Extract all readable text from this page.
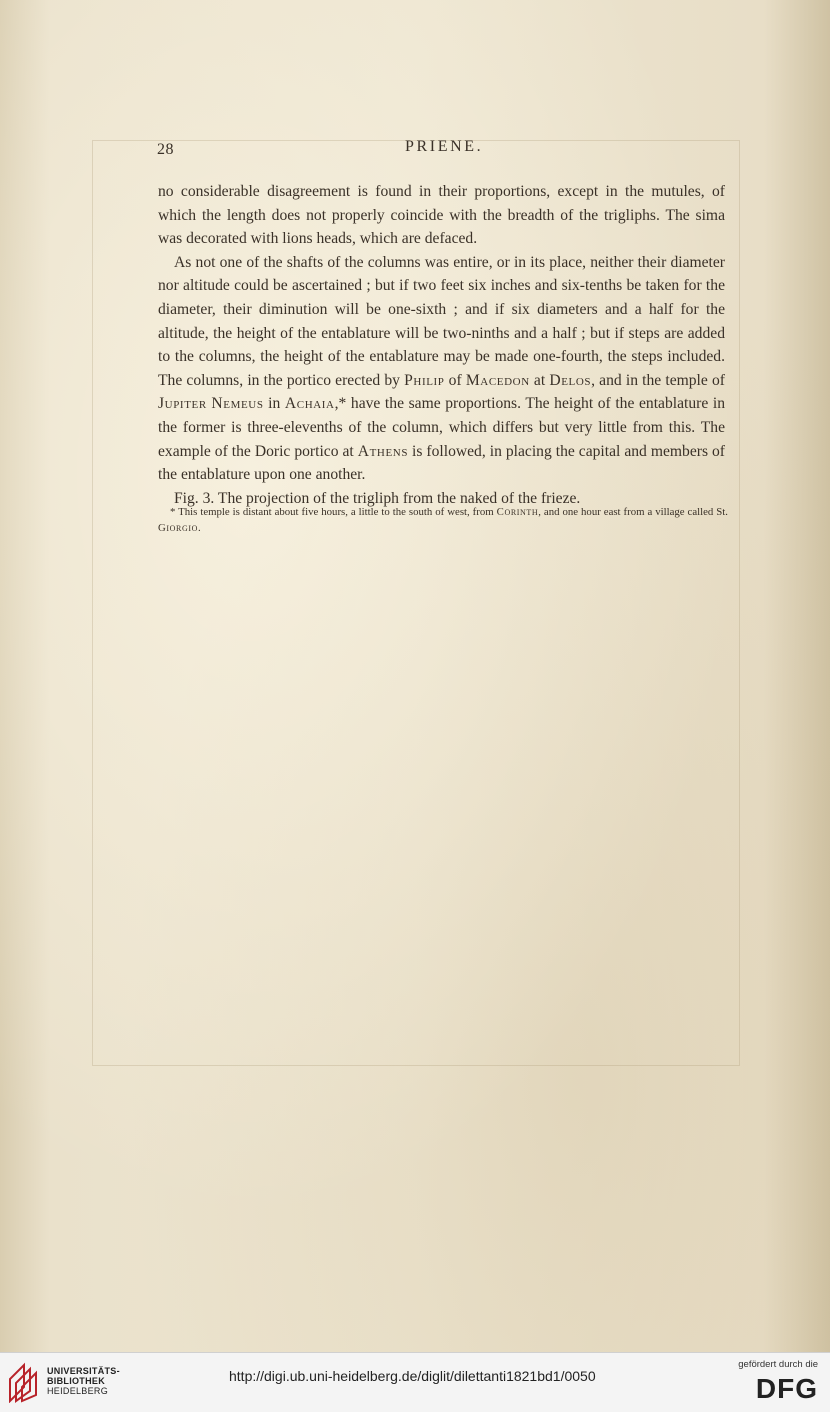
28	PRIENE.

no considerable disagreement is found in their proportions, except in the mutules, of which the length does not properly coincide with the breadth of the trigliphs. The sima was decorated with lions heads, which are defaced.

As not one of the shafts of the columns was entire, or in its place, neither their diameter nor altitude could be ascertained ; but if two feet six inches and six-tenths be taken for the diameter, their diminution will be one-sixth ; and if six diameters and a half for the altitude, the height of the entablature will be two-ninths and a half ; but if steps are added to the columns, the height of the entablature may be made one-fourth, the steps included. The columns, in the portico erected by Philip of Macedon at Delos, and in the temple of Jupiter Nemeus in Achaia,* have the same proportions. The height of the entablature in the former is three-elevenths of the column, which differs but very little from this. The example of the Doric portico at Athens is followed, in placing the capital and members of the entablature upon one another.

Fig. 3. The projection of the trigliph from the naked of the frieze.

* This temple is distant about five hours, a little to the south of west, from Corinth, and one hour east from a village called St. Giorgio.

UNIVERSITÄTS-
BIBLIOTHEK
HEIDELBERG
http://digi.ub.uni-heidelberg.de/diglit/dilettanti1821bd1/0050
gefördert durch die
DFG
